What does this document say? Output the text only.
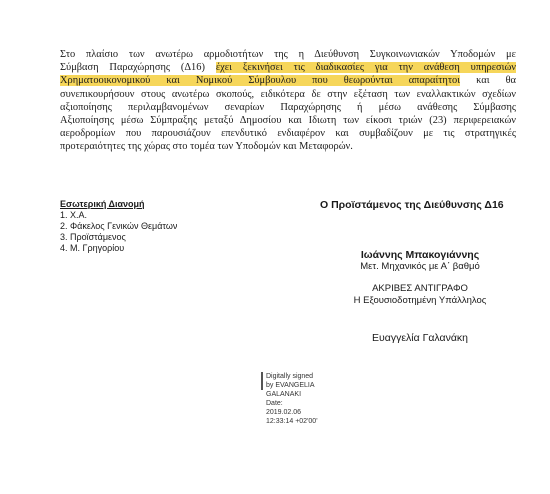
Στο πλαίσιο των ανωτέρω αρμοδιοτήτων της η Διεύθυνση Συγκοινωνιακών Υποδομών με
Σύμβαση Παραχώρησης (Δ16) έχει ξεκινήσει τις διαδικασίες για την ανάθεση υπηρεσιών
Χρηματοοικονομικού και Νομικού Σύμβουλου που θεωρούνται απαραίτητοι και θα
συνεπικουρήσουν στους ανωτέρω σκοπούς, ειδικότερα δε στην εξέταση των εναλλακτικών σχεδίων
αξιοποίησης περιλαμβανομένων σεναρίων Παραχώρησης ή μέσω ανάθεσης Σύμβασης
Αξιοποίησης μέσω Σύμπραξης μεταξύ Δημοσίου και Ιδιωτη των είκοσι τριών (23) περιφερειακών
αεροδρομίων που παρουσιάζουν επενδυτικό ενδιαφέρον και συμβαδίζουν με τις στρατηγικές
προτεραιότητες της χώρας στο τομέα των Υποδομών και Μεταφορών.
Εσωτερική Διανομή
1. Χ.Α.
2. Φάκελος Γενικών Θεμάτων
3. Προϊστάμενος
4. Μ. Γρηγορίου
Ο Προϊστάμενος της Διεύθυνσης Δ16
Ιωάννης Μπακογιάννης
Μετ. Μηχανικός με Α΄ βαθμό
ΑΚΡΙΒΕΣ ΑΝΤΙΓΡΑΦΟ
Η Εξουσιοδοτημένη Υπάλληλος
Ευαγγελία Γαλανάκη
Digitally signed
by EVANGELIA
GALANAKI
Date:
2019.02.06
12:33:14 +02'00'
